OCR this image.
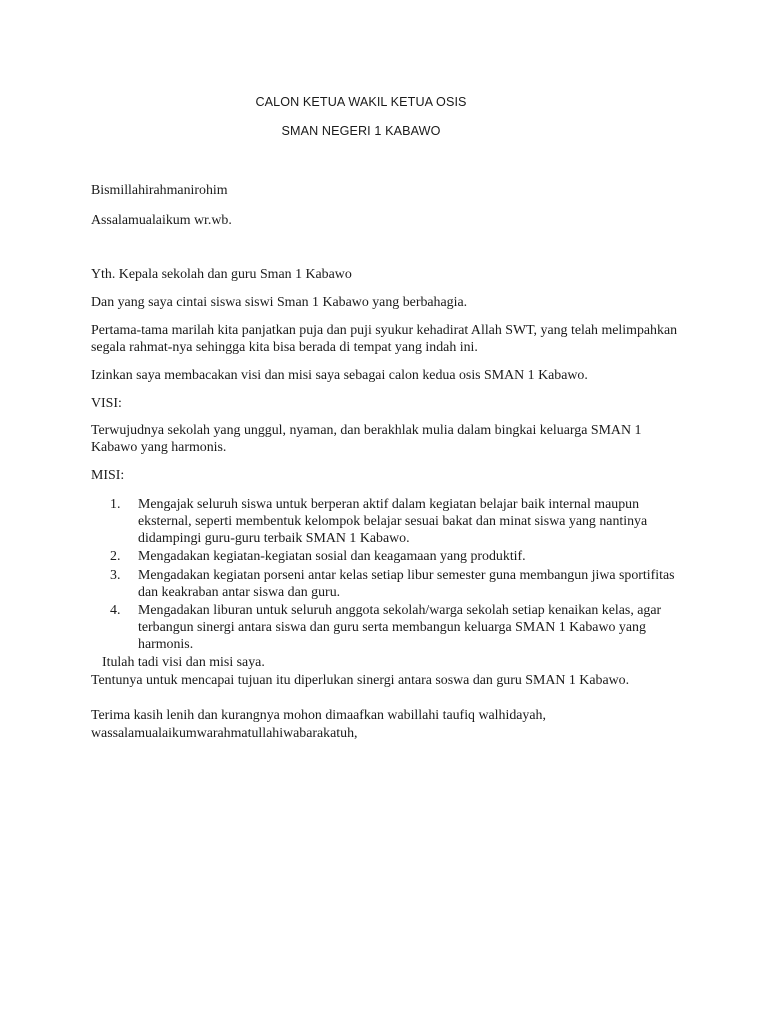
CALON KETUA WAKIL KETUA OSIS
SMAN NEGERI 1 KABAWO
Bismillahirahmanirohim
Assalamualaikum wr.wb.
Yth. Kepala sekolah dan guru Sman 1 Kabawo
Dan yang saya cintai siswa siswi Sman 1 Kabawo yang berbahagia.
Pertama-tama marilah kita panjatkan puja dan puji syukur kehadirat Allah SWT, yang telah melimpahkan
segala rahmat-nya sehingga kita bisa berada di tempat yang indah ini.
Izinkan saya membacakan visi dan misi saya sebagai calon kedua osis SMAN 1 Kabawo.
VISI:
Terwujudnya sekolah yang unggul, nyaman, dan berakhlak mulia dalam bingkai keluarga SMAN 1
Kabawo yang harmonis.
MISI:
1. Mengajak seluruh siswa untuk berperan aktif dalam kegiatan belajar baik internal maupun
eksternal, seperti membentuk kelompok belajar sesuai bakat dan minat siswa yang nantinya
didampingi guru-guru terbaik SMAN 1 Kabawo.
2. Mengadakan kegiatan-kegiatan sosial dan keagamaan yang produktif.
3. Mengadakan kegiatan porseni antar kelas setiap libur semester guna membangun jiwa sportifitas
dan keakraban antar siswa dan guru.
4. Mengadakan liburan untuk seluruh anggota sekolah/warga sekolah setiap kenaikan kelas, agar
terbangun sinergi antara siswa dan guru serta membangun keluarga SMAN 1 Kabawo yang
harmonis.
Itulah tadi visi dan misi saya.
Tentunya untuk mencapai tujuan itu diperlukan sinergi antara soswa dan guru SMAN 1 Kabawo.
Terima kasih lenih dan kurangnya mohon dimaafkan wabillahi taufiq walhidayah,
wassalamualaikumwarahmatullahiwabarakatuh,
